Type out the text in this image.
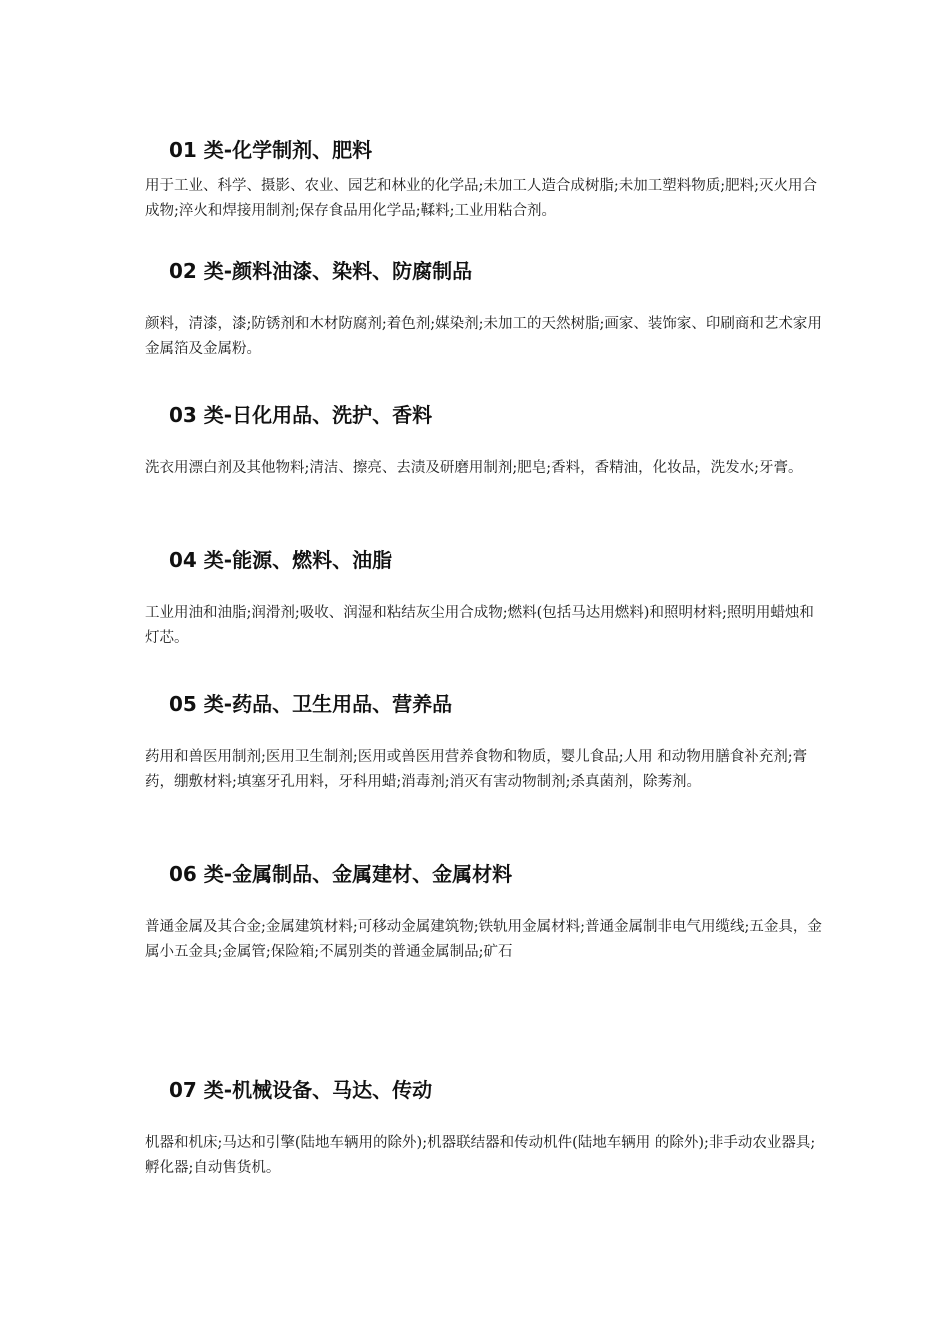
01 类-化学制剂、肥料

用于工业、科学、摄影、农业、园艺和林业的化学品;未加工人造合成树脂;未加工塑料物质;肥料;灭火用合成物;淬火和焊接用制剂;保存食品用化学品;鞣料;工业用粘合剂。

02 类-颜料油漆、染料、防腐制品

颜料，清漆，漆;防锈剂和木材防腐剂;着色剂;媒染剂;未加工的天然树脂;画家、装饰家、印刷商和艺术家用金属箔及金属粉。

03 类-日化用品、洗护、香料

洗衣用漂白剂及其他物料;清洁、擦亮、去渍及研磨用制剂;肥皂;香料，香精油，化妆品，洗发水;牙膏。

04 类-能源、燃料、油脂

工业用油和油脂;润滑剂;吸收、润湿和粘结灰尘用合成物;燃料(包括马达用燃料)和照明材料;照明用蜡烛和灯芯。

05 类-药品、卫生用品、营养品

药用和兽医用制剂;医用卫生制剂;医用或兽医用营养食物和物质，婴儿食品;人用 和动物用膳食补充剂;膏药，绷敷材料;填塞牙孔用料，牙科用蜡;消毒剂;消灭有害动物制剂;杀真菌剂，除莠剂。

06 类-金属制品、金属建材、金属材料

普通金属及其合金;金属建筑材料;可移动金属建筑物;铁轨用金属材料;普通金属制非电气用缆线;五金具，金属小五金具;金属管;保险箱;不属别类的普通金属制品;矿石

07 类-机械设备、马达、传动

机器和机床;马达和引擎(陆地车辆用的除外);机器联结器和传动机件(陆地车辆用 的除外);非手动农业器具;孵化器;自动售货机。
